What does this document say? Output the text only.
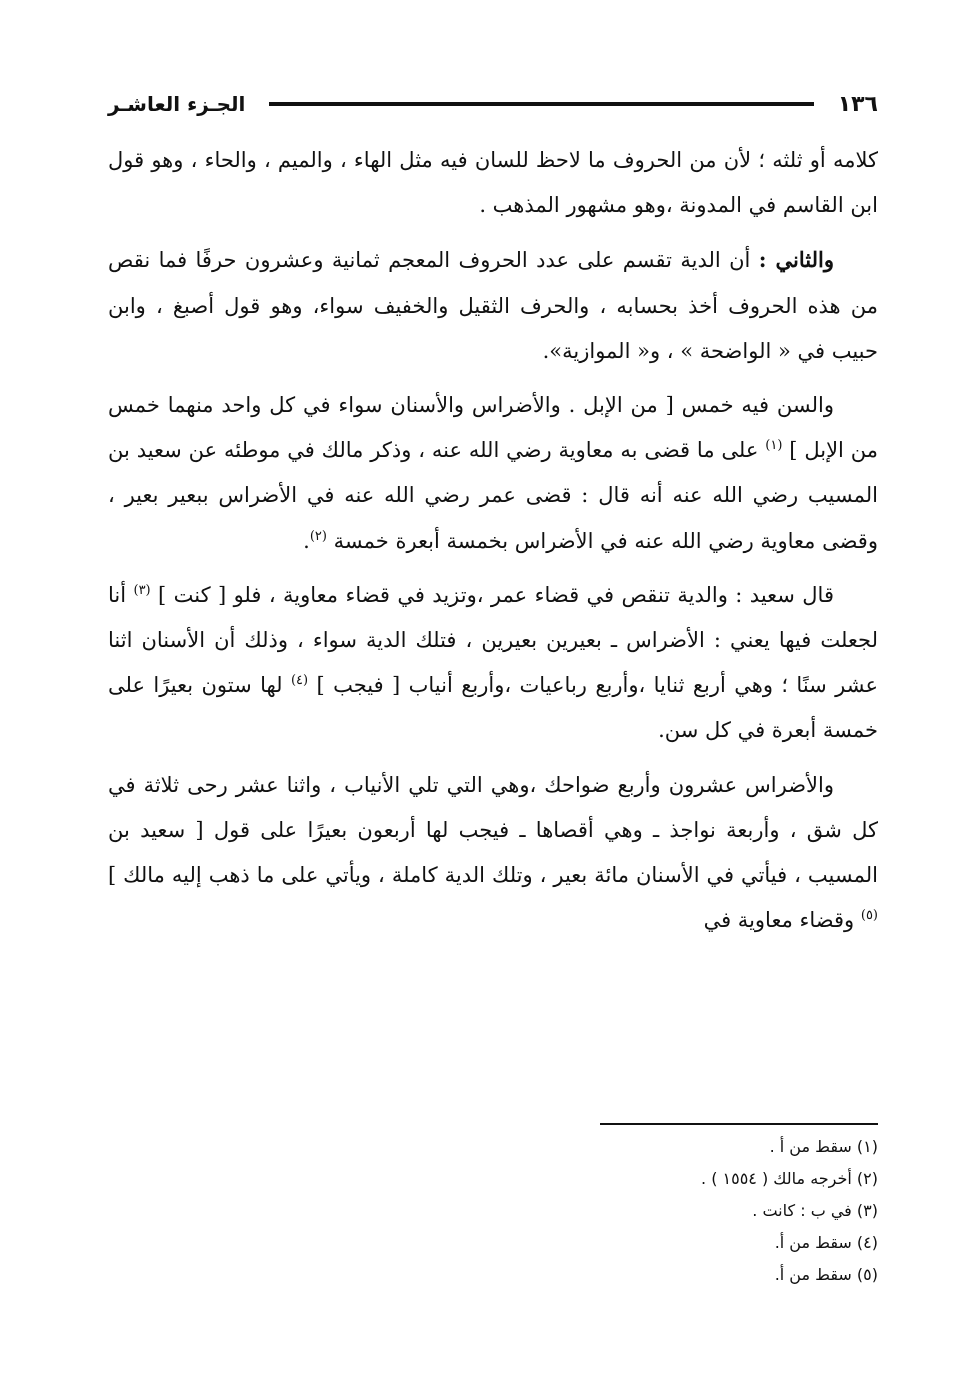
١٣٦
الجـزء العاشـر

كلامه أو ثلثه ؛ لأن من الحروف ما لاحظ للسان فيه مثل الهاء ، والميم ، والحاء ، وهو قول ابن القاسم في المدونة ،وهو مشهور المذهب .

والثاني : أن الدية تقسم على عدد الحروف المعجم ثمانية وعشرون حرفًا فما نقص من هذه الحروف أخذ بحسابه ، والحرف الثقيل والخفيف سواء، وهو قول أصبغ ، وابن حبيب في « الواضحة » ، و« الموازية».

والسن فيه خمس [ من الإبل . والأضراس والأسنان سواء في كل واحد منهما خمس من الإبل ] $^{(١)}$ على ما قضى به معاوية رضي الله عنه ، وذكر مالك في موطئه عن سعيد بن المسيب رضي الله عنه أنه قال : قضى عمر رضي الله عنه في الأضراس ببعير بعير ، وقضى معاوية رضي الله عنه في الأضراس بخمسة أبعرة خمسة $^{(٢)}$.

قال سعيد : والدية تنقص في قضاء عمر ،وتزيد في قضاء معاوية ، فلو [ كنت ] $^{(٣)}$ أنا لجعلت فيها يعني : الأضراس ـ بعيرين بعيرين ، فتلك الدية سواء ، وذلك أن الأسنان اثنا عشر سنًا ؛ وهي أربع ثنايا ،وأربع رباعيات ،وأربع أنياب [ فيجب ] $^{(٤)}$ لها ستون بعيرًا على خمسة أبعرة في كل سن.

والأضراس عشرون وأربع ضواحك ،وهي التي تلي الأنياب ، واثنا عشر رحى ثلاثة في كل شق ، وأربعة نواجذ ـ وهي أقصاها ـ فيجب لها أربعون بعيرًا على قول [ سعيد بن المسيب ، فيأتي في الأسنان مائة بعير ، وتلك الدية كاملة ، ويأتي على ما ذهب إليه مالك ] $^{(٥)}$ وقضاء معاوية في

(١) سقط من أ .

(٢) أخرجه مالك ( ١٥٥٤ ) .

(٣) في ب : كانت .

(٤) سقط من أ.

(٥) سقط من أ.
